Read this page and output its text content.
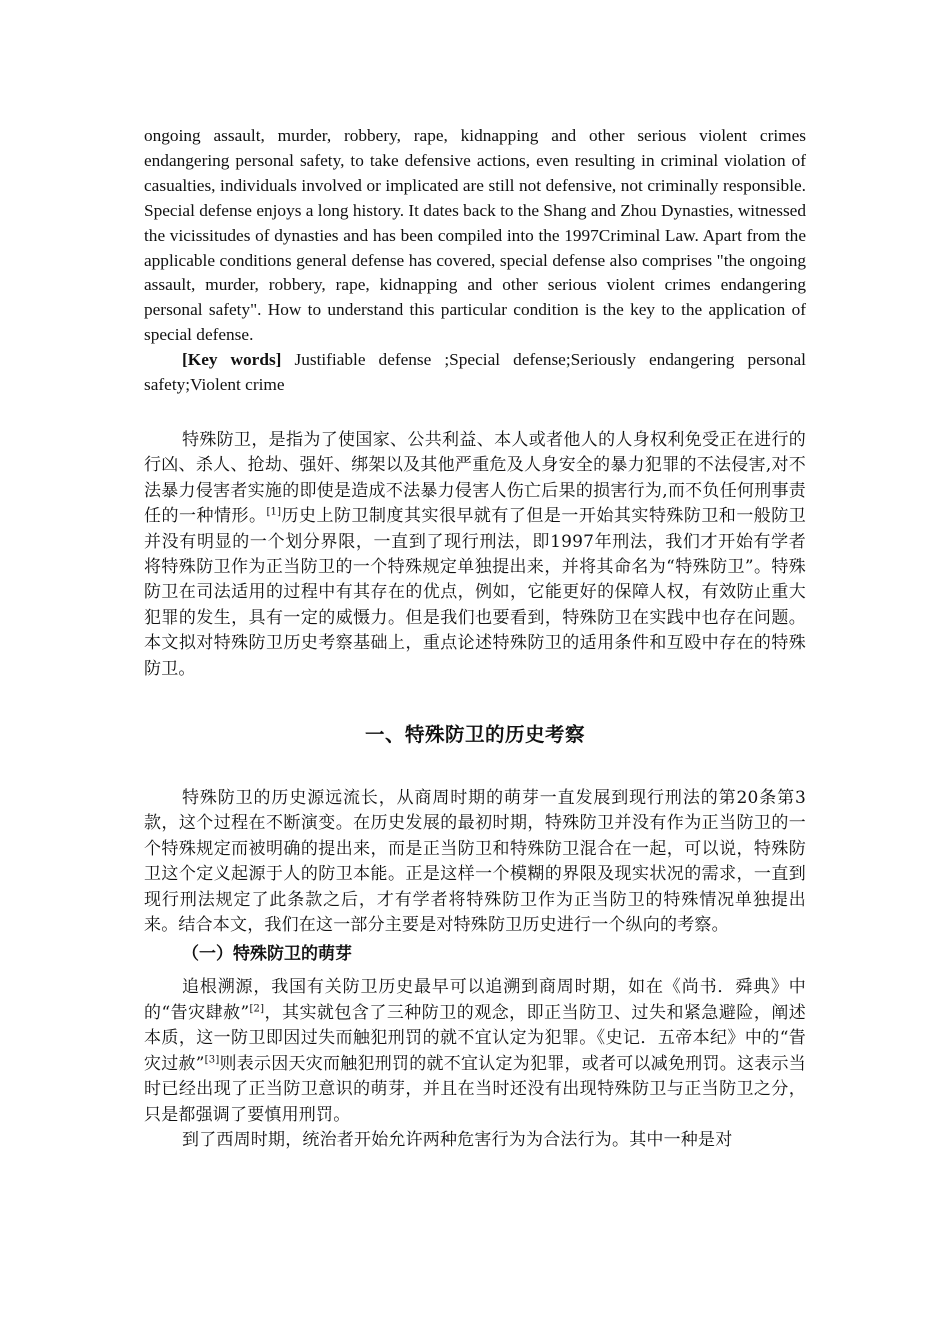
ongoing assault, murder, robbery, rape, kidnapping and other serious violent crimes endangering personal safety, to take defensive actions, even resulting in criminal violation of casualties, individuals involved or implicated are still not defensive, not criminally responsible. Special defense enjoys a long history. It dates back to the Shang and Zhou Dynasties, witnessed the vicissitudes of dynasties and has been compiled into the 1997Criminal Law. Apart from the applicable conditions general defense has covered, special defense also comprises "the ongoing assault, murder, robbery, rape, kidnapping and other serious violent crimes endangering personal safety". How to understand this particular condition is the key to the application of special defense.

[Key words] Justifiable defense ;Special defense;Seriously endangering personal safety;Violent crime

特殊防卫，是指为了使国家、公共利益、本人或者他人的人身权利免受正在进行的行凶、杀人、抢劫、强奸、绑架以及其他严重危及人身安全的暴力犯罪的不法侵害,对不法暴力侵害者实施的即使是造成不法暴力侵害人伤亡后果的损害行为,而不负任何刑事责任的一种情形。[1]历史上防卫制度其实很早就有了但是一开始其实特殊防卫和一般防卫并没有明显的一个划分界限，一直到了现行刑法，即1997年刑法，我们才开始有学者将特殊防卫作为正当防卫的一个特殊规定单独提出来，并将其命名为“特殊防卫”。特殊防卫在司法适用的过程中有其存在的优点，例如，它能更好的保障人权，有效防止重大犯罪的发生，具有一定的威慑力。但是我们也要看到，特殊防卫在实践中也存在问题。本文拟对特殊防卫历史考察基础上，重点论述特殊防卫的适用条件和互殴中存在的特殊防卫。

一、特殊防卫的历史考察

特殊防卫的历史源远流长，从商周时期的萌芽一直发展到现行刑法的第20条第3款，这个过程在不断演变。在历史发展的最初时期，特殊防卫并没有作为正当防卫的一个特殊规定而被明确的提出来，而是正当防卫和特殊防卫混合在一起，可以说，特殊防卫这个定义起源于人的防卫本能。正是这样一个模糊的界限及现实状况的需求，一直到现行刑法规定了此条款之后，才有学者将特殊防卫作为正当防卫的特殊情况单独提出来。结合本文，我们在这一部分主要是对特殊防卫历史进行一个纵向的考察。

（一）特殊防卫的萌芽

追根溯源，我国有关防卫历史最早可以追溯到商周时期，如在《尚书．舜典》中的“眚灾肆赦”[2]，其实就包含了三种防卫的观念，即正当防卫、过失和紧急避险，阐述本质，这一防卫即因过失而触犯刑罚的就不宜认定为犯罪。《史记．五帝本纪》中的“眚灾过赦”[3]则表示因天灾而触犯刑罚的就不宜认定为犯罪，或者可以减免刑罚。这表示当时已经出现了正当防卫意识的萌芽，并且在当时还没有出现特殊防卫与正当防卫之分，只是都强调了要慎用刑罚。

到了西周时期，统治者开始允许两种危害行为为合法行为。其中一种是对
